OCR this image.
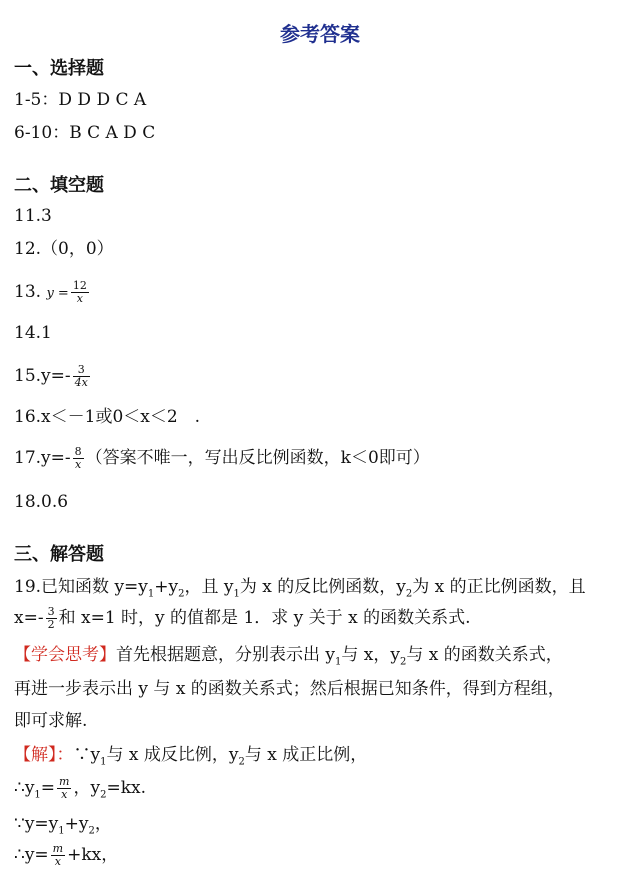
参考答案
一、选择题
1-5：D D D C A
6-10：B C A D C
二、填空题
11.3
12.（0，0）
13. $y = \frac{12}{x}$
14.1
$15.y=- \frac{3}{4x}$
16.x＜－1或0＜x＜2　.
$17.y=- \frac{8}{x}$ （答案不唯一，写出反比例函数，k＜0即可）
18.0.6
三、解答题
19.已知函数 $y=y_1+y_2$，且 $y_1$为 x 的反比例函数，$y_2$为 x 的正比例函数，且
$x=- \frac{3}{2}$ 和 x=1 时，y 的值都是 1．求 y 关于 x 的函数关系式.
【学会思考】首先根据题意，分别表示出 $y_1$与 x，$y_2$与 x 的函数关系式，
再进一步表示出 y 与 x 的函数关系式；然后根据已知条件，得到方程组，
即可求解.
【解】：$\because y_1$与 x 成反比例，$y_2$与 x 成正比例，
$\therefore y_1= \frac{m}{x}$ ，$y_2=kx$.
$\because y=y_1+y_2$，
∴y= $\frac{m}{x} +kx$，
